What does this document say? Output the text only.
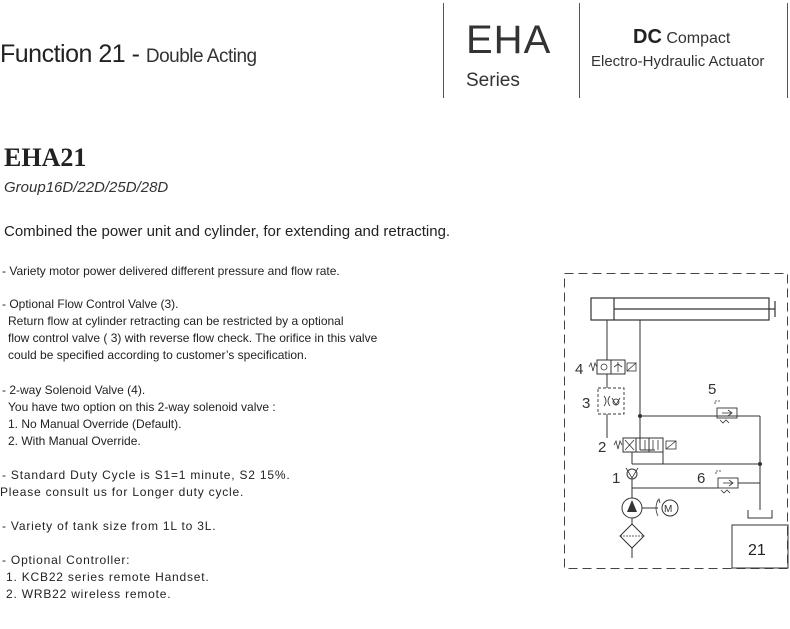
Function 21 - Double Acting	EHA
Series
DC Compact
Electro-Hydraulic Actuator
EHA21
Group16D/22D/25D/28D
Combined the power unit and cylinder, for extending and retracting.
- Variety motor power delivered different pressure and flow rate.
- Optional Flow Control Valve (3).
Return flow at cylinder retracting can be restricted by a optional
flow control valve ( 3) with reverse flow check. The orifice in this valve
could be specified according to customer’s specification.
- 2-way Solenoid Valve (4).
You have two option on this 2-way solenoid valve :
1. No Manual Override (Default).
2. With Manual Override.
- Standard Duty Cycle is S1=1 minute, S2 15%.
Please consult us for Longer duty cycle.
- Variety of tank size from 1L to 3L.
- Optional Controller:
1. KCB22 series remote Handset.
2. WRB22 wireless remote.
4
3
2
5
1	6
M
21
